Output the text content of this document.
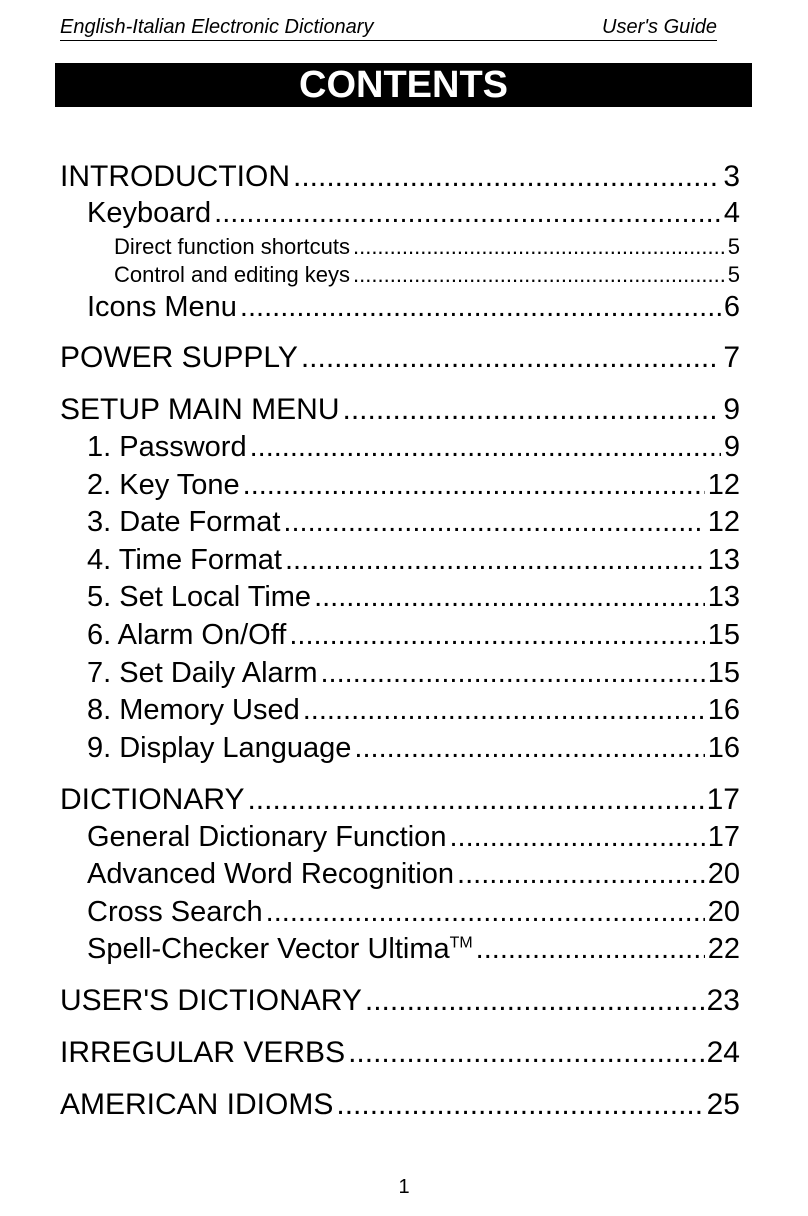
English-Italian Electronic Dictionary	User's Guide
CONTENTS
INTRODUCTION .....	3
Keyboard .....	4
Direct function shortcuts .....	5
Control and editing keys .....	5
Icons Menu .....	6
POWER SUPPLY .....	7
SETUP MAIN MENU .....	9
1. Password .....	9
2. Key Tone .....	12
3. Date Format .....	12
4. Time Format .....	13
5. Set Local Time .....	13
6. Alarm On/Off .....	15
7. Set Daily Alarm .....	15
8. Memory Used .....	16
9. Display Language .....	16
DICTIONARY .....	17
General Dictionary Function .....	17
Advanced Word Recognition .....	20
Cross Search .....	20
Spell-Checker Vector Ultima™ .....	22
USER'S DICTIONARY .....	23
IRREGULAR VERBS .....	24
AMERICAN IDIOMS .....	25
1
